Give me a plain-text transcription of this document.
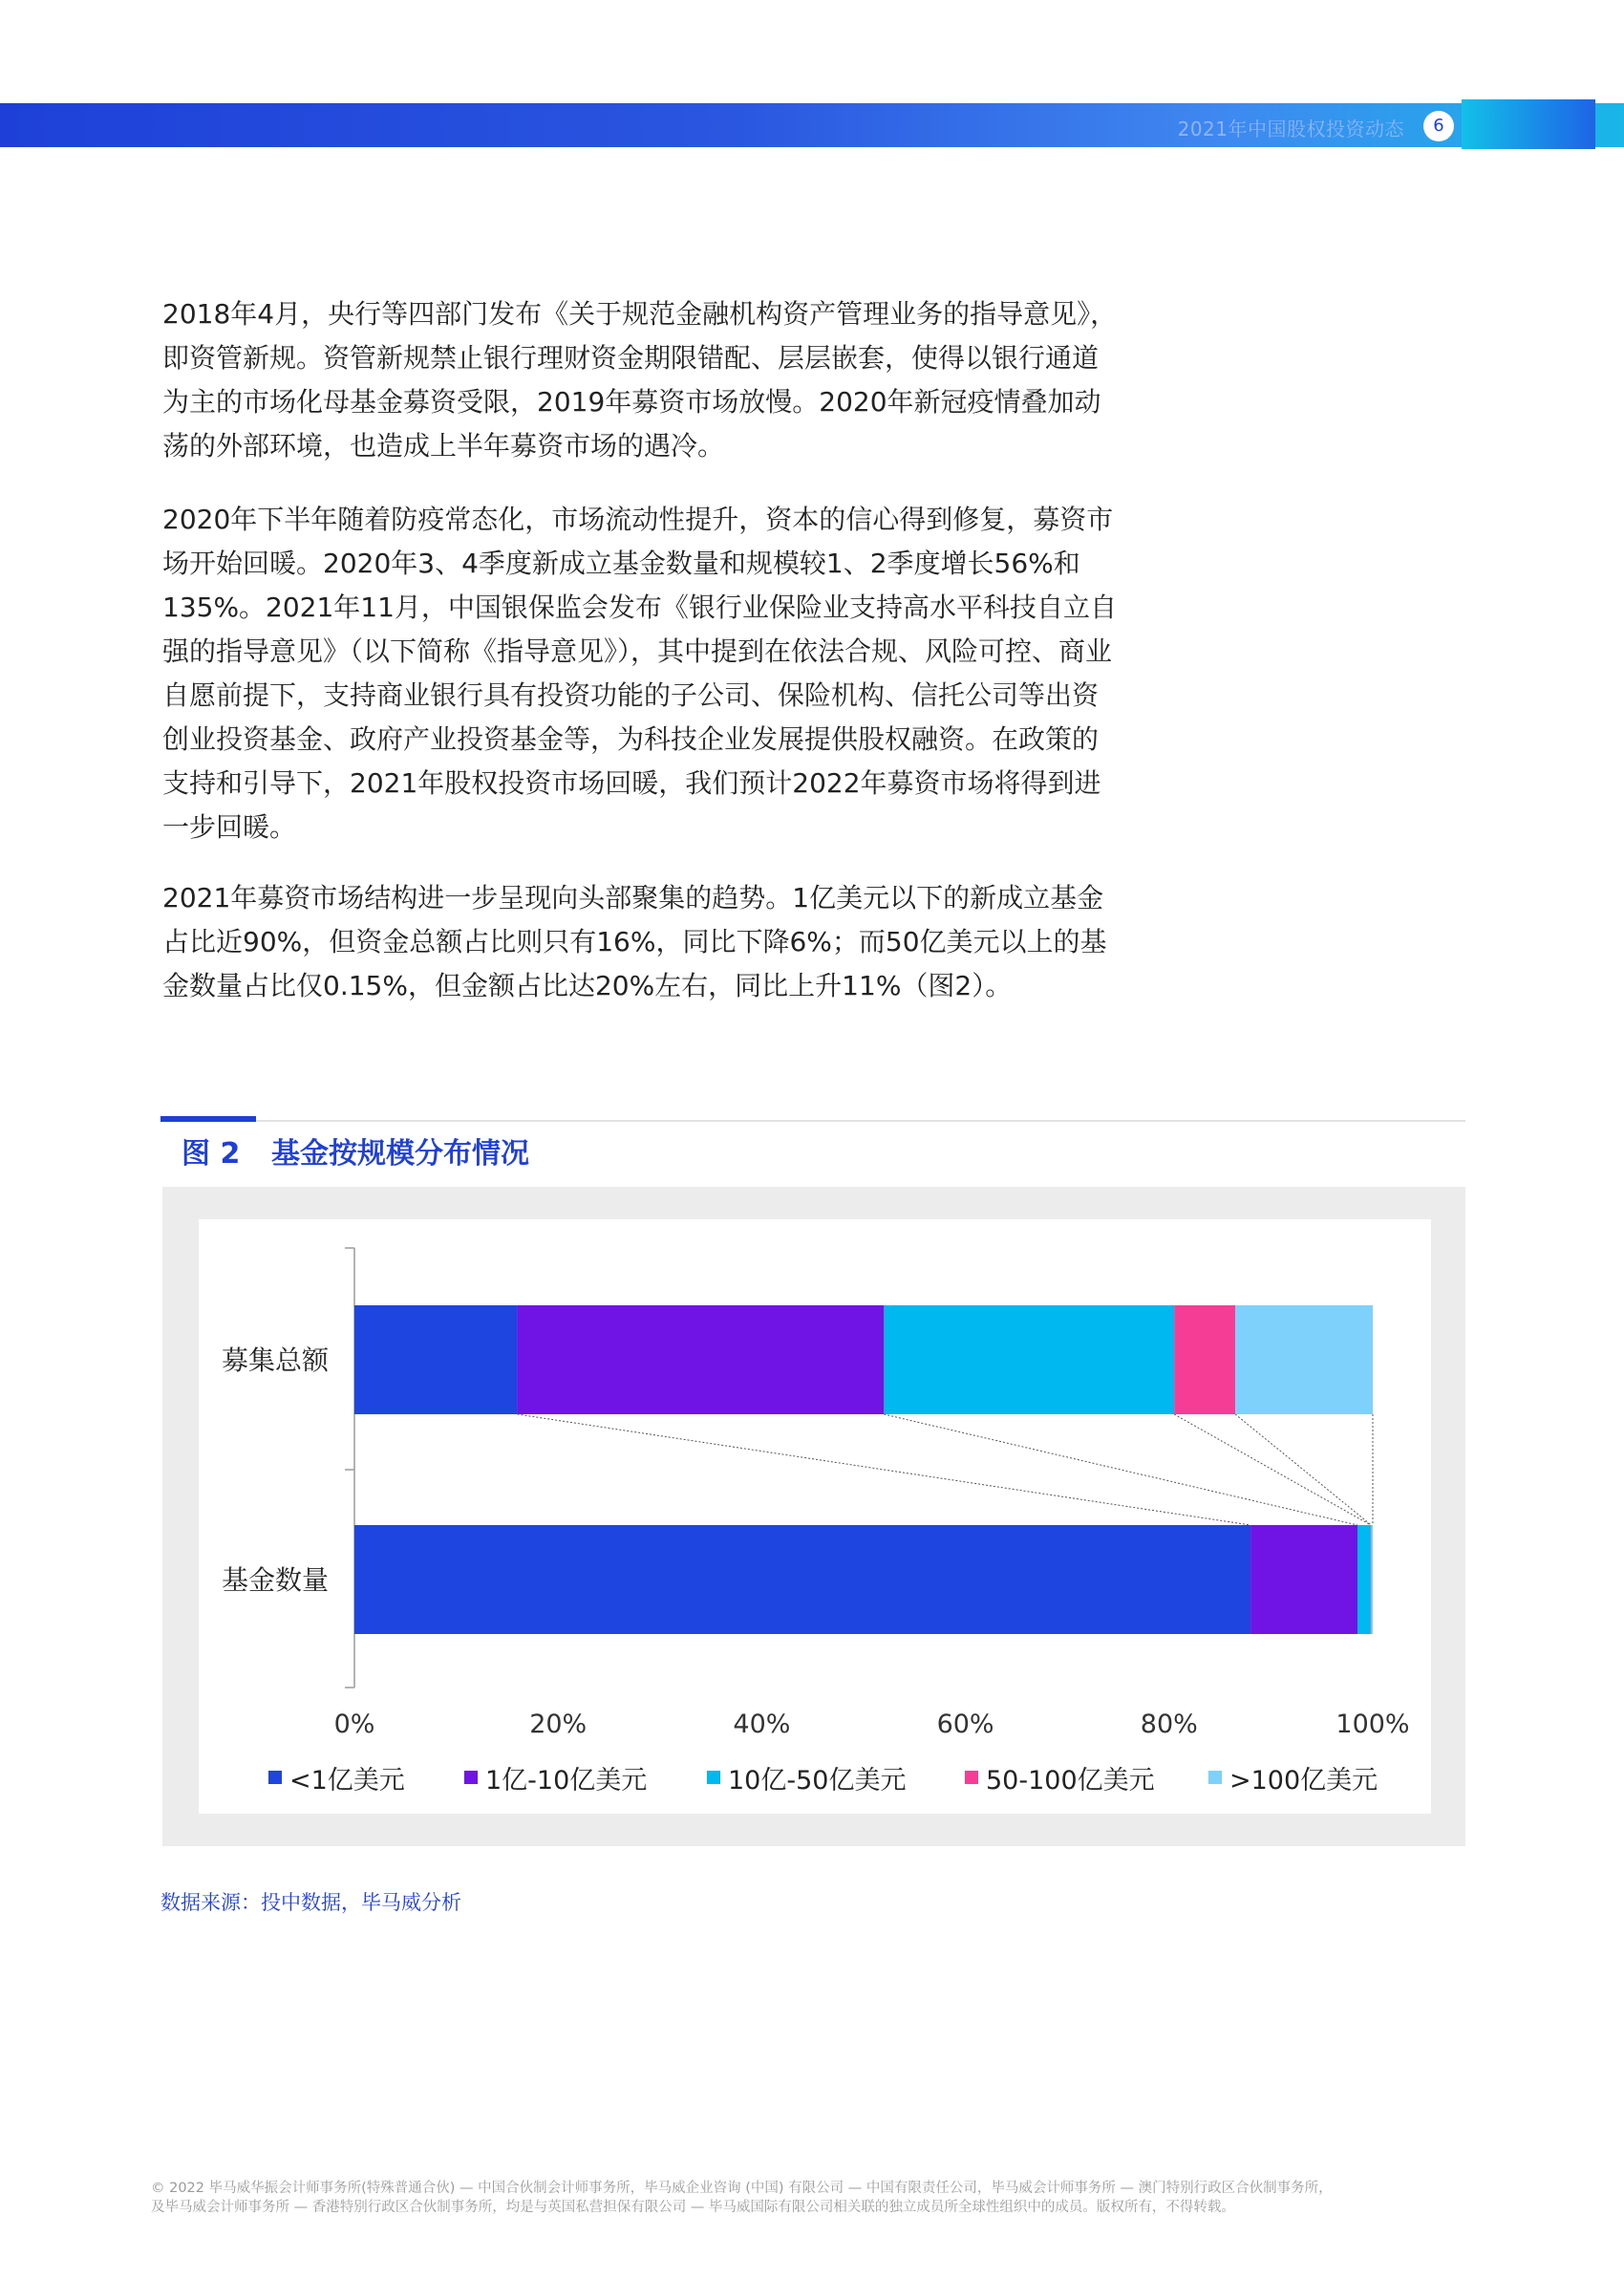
2021年中国股权投资动态	6

2018年4月，央行等四部门发布《关于规范金融机构资产管理业务的指导意见》，即资管新规。资管新规禁止银行理财资金期限错配、层层嵌套，使得以银行通道为主的市场化母基金募资受限，2019年募资市场放慢。2020年新冠疫情叠加动荡的外部环境，也造成上半年募资市场的遇冷。

2020年下半年随着防疫常态化，市场流动性提升，资本的信心得到修复，募资市场开始回暖。2020年3、4季度新成立基金数量和规模较1、2季度增长56%和135%。2021年11月，中国银保监会发布《银行业保险业支持高水平科技自立自强的指导意见》（以下简称《指导意见》），其中提到在依法合规、风险可控、商业自愿前提下，支持商业银行具有投资功能的子公司、保险机构、信托公司等出资创业投资基金、政府产业投资基金等，为科技企业发展提供股权融资。在政策的支持和引导下，2021年股权投资市场回暖，我们预计2022年募资市场将得到进一步回暖。

2021年募资市场结构进一步呈现向头部聚集的趋势。1亿美元以下的新成立基金占比近90%，但资金总额占比则只有16%，同比下降6%；而50亿美元以上的基金数量占比仅0.15%，但金额占比达20%左右，同比上升11%（图2）。

图 2 基金按规模分布情况
募集总额
基金数量
0%	20%	40%	60%	80%	100%
<1亿美元	1亿-10亿美元	10亿-50亿美元	50-100亿美元	>100亿美元
数据来源：投中数据，毕马威分析
© 2022 毕马威华振会计师事务所(特殊普通合伙) — 中国合伙制会计师事务所，毕马威企业咨询 (中国) 有限公司 — 中国有限责任公司，毕马威会计师事务所 — 澳门特别行政区合伙制事务所，
及毕马威会计师事务所 — 香港特别行政区合伙制事务所，均是与英国私营担保有限公司 — 毕马威国际有限公司相关联的独立成员所全球性组织中的成员。版权所有，不得转载。
